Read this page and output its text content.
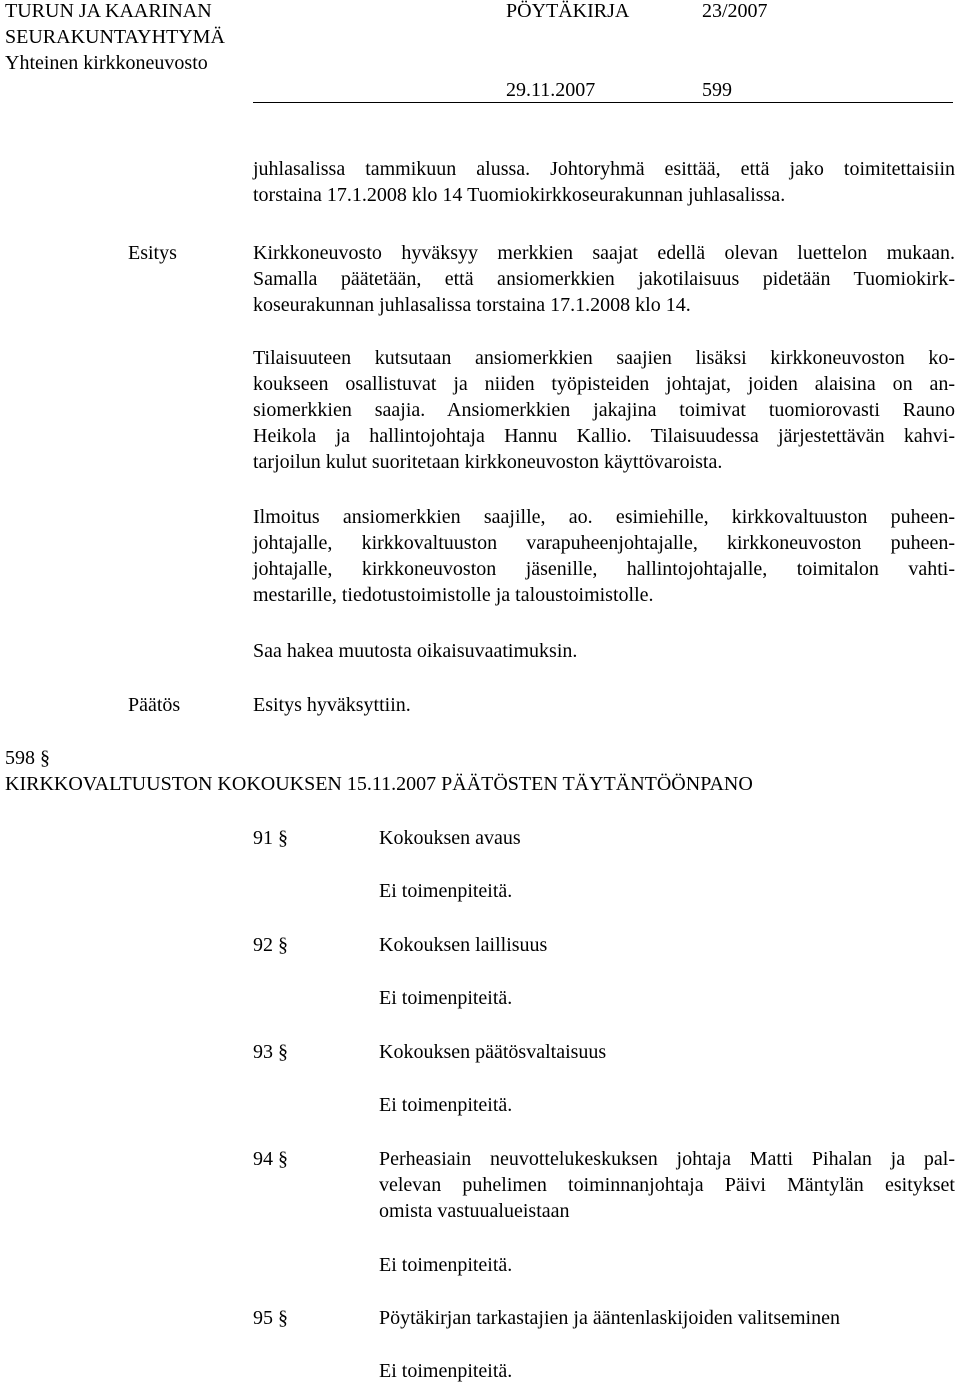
TURUN JA KAARINAN
SEURAKUNTAYHTYMÄ
Yhteinen kirkkoneuvosto
PÖYTÄKIRJA	23/2007
29.11.2007	599
juhlasalissa tammikuun alussa. Johtoryhmä esittää, että jako toimitettaisiin
torstaina 17.1.2008 klo 14 Tuomiokirkkoseurakunnan juhlasalissa.
Esitys	Kirkkoneuvosto hyväksyy merkkien saajat edellä olevan luettelon mukaan.
Samalla päätetään, että ansiomerkkien jakotilaisuus pidetään Tuomiokirk-
koseurakunnan juhlasalissa torstaina 17.1.2008 klo 14.
Tilaisuuteen kutsutaan ansiomerkkien saajien lisäksi kirkkoneuvoston ko-
koukseen osallistuvat ja niiden työpisteiden johtajat, joiden alaisina on an-
siomerkkien saajia. Ansiomerkkien jakajina toimivat tuomiorovasti Rauno
Heikola ja hallintojohtaja Hannu Kallio. Tilaisuudessa järjestettävän kahvi-
tarjoilun kulut suoritetaan kirkkoneuvoston käyttövaroista.
Ilmoitus ansiomerkkien saajille, ao. esimiehille, kirkkovaltuuston puheen-
johtajalle, kirkkovaltuuston varapuheenjohtajalle, kirkkoneuvoston puheen-
johtajalle, kirkkoneuvoston jäsenille, hallintojohtajalle, toimitalon vahti-
mestarille, tiedotustoimistolle ja taloustoimistolle.
Saa hakea muutosta oikaisuvaatimuksin.
Päätös	Esitys hyväksyttiin.
598 §
KIRKKOVALTUUSTON KOKOUKSEN 15.11.2007 PÄÄTÖSTEN TÄYTÄNTÖÖNPANO
91 §	Kokouksen avaus
Ei toimenpiteitä.
92 §	Kokouksen laillisuus
Ei toimenpiteitä.
93 §	Kokouksen päätösvaltaisuus
Ei toimenpiteitä.
94 §	Perheasiain neuvottelukeskuksen johtaja Matti Pihalan ja pal-
velevan puhelimen toiminnanjohtaja Päivi Mäntylän esitykset
omista vastuualueistaan
Ei toimenpiteitä.
95 §	Pöytäkirjan tarkastajien ja ääntenlaskijoiden valitseminen
Ei toimenpiteitä.
